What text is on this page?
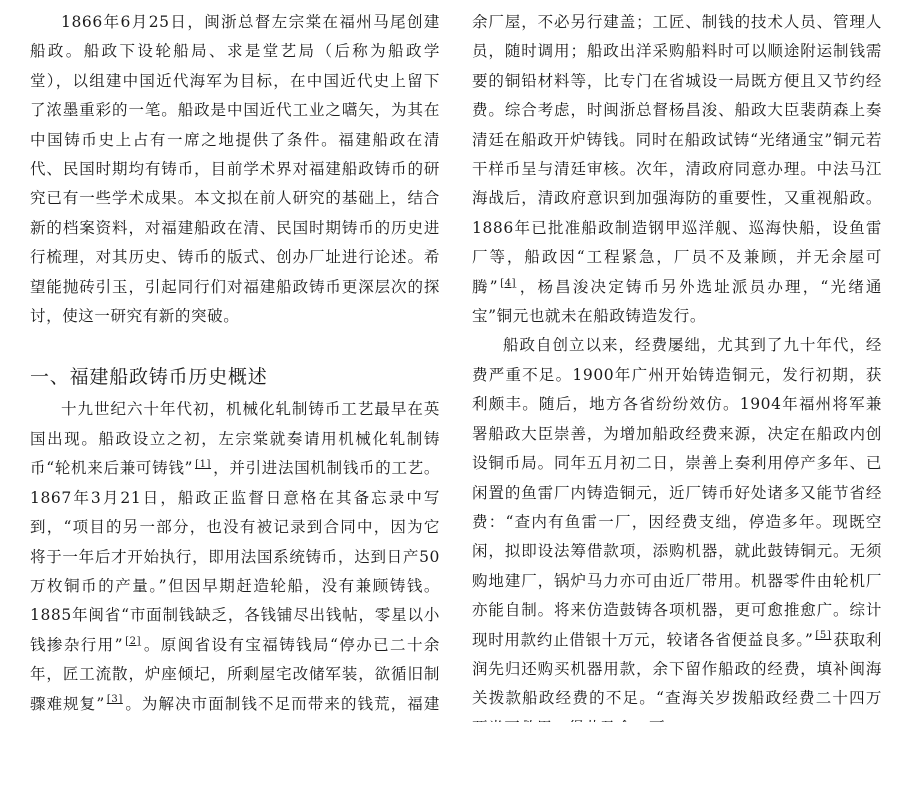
1866年6月25日，闽浙总督左宗棠在福州马尾创建船政。船政下设轮船局、求是堂艺局（后称为船政学堂），以组建中国近代海军为目标，在中国近代史上留下了浓墨重彩的一笔。船政是中国近代工业之嚆矢，为其在中国铸币史上占有一席之地提供了条件。福建船政在清代、民国时期均有铸币，目前学术界对福建船政铸币的研究已有一些学术成果。本文拟在前人研究的基础上，结合新的档案资料，对福建船政在清、民国时期铸币的历史进行梳理，对其历史、铸币的版式、创办厂址进行论述。希望能抛砖引玉，引起同行们对福建船政铸币更深层次的探讨，使这一研究有新的突破。

一、福建船政铸币历史概述

十九世纪六十年代初，机械化轧制铸币工艺最早在英国出现。船政设立之初，左宗棠就奏请用机械化轧制铸币“轮机来后兼可铸钱” [1] ，并引进法国机制钱币的工艺。1867年3月21日，船政正监督日意格在其备忘录中写到，“项目的另一部分，也没有被记录到合同中，因为它将于一年后才开始执行，即用法国系统铸币，达到日产50万枚铜币的产量。”但因早期赶造轮船，没有兼顾铸钱。1885年闽省“市面制钱缺乏，各钱铺尽出钱帖，零星以小钱掺杂行用” [2] 。原闽省设有宝福铸钱局“停办已二十余年，匠工流散，炉座倾圮，所剩屋宅改储军装，欲循旧制骤难规复” [3] 。为解决市面制钱不足而带来的钱荒，福建

余厂屋，不必另行建盖；工匠、制钱的技术人员、管理人员，随时调用；船政出洋采购船料时可以顺途附运制钱需要的铜铅材料等，比专门在省城设一局既方便且又节约经费。综合考虑，时闽浙总督杨昌浚、船政大臣裴荫森上奏清廷在船政开炉铸钱。同时在船政试铸“光绪通宝”铜元若干样币呈与清廷审核。次年，清政府同意办理。中法马江海战后，清政府意识到加强海防的重要性，又重视船政。1886年已批准船政制造钢甲巡洋舰、巡海快船，设鱼雷厂等，船政因“工程紧急，厂员不及兼顾，并无余屋可腾” [4] ，杨昌浚决定铸币另外选址派员办理，“光绪通宝”铜元也就未在船政铸造发行。

船政自创立以来，经费屡绌，尤其到了九十年代，经费严重不足。1900年广州开始铸造铜元，发行初期，获利颇丰。随后，地方各省纷纷效仿。1904年福州将军兼署船政大臣崇善，为增加船政经费来源，决定在船政内创设铜币局。同年五月初二日，崇善上奏利用停产多年、已闲置的鱼雷厂内铸造铜元，近厂铸币好处诸多又能节省经费：“查内有鱼雷一厂，因经费支绌，停造多年。现既空闲，拟即设法筹借款项，添购机器，就此鼓铸铜元。无须购地建厂，锅炉马力亦可由近厂带用。机器零件由轮机厂亦能自制。将来仿造鼓铸各项机器，更可愈推愈广。综计现时用款约止借银十万元，较诸各省便益良多。” [5] 获取利润先归还购买机器用款，余下留作船政的经费，填补闽海关拨款船政经费的不足。“查海关岁拨船政经费二十四万
